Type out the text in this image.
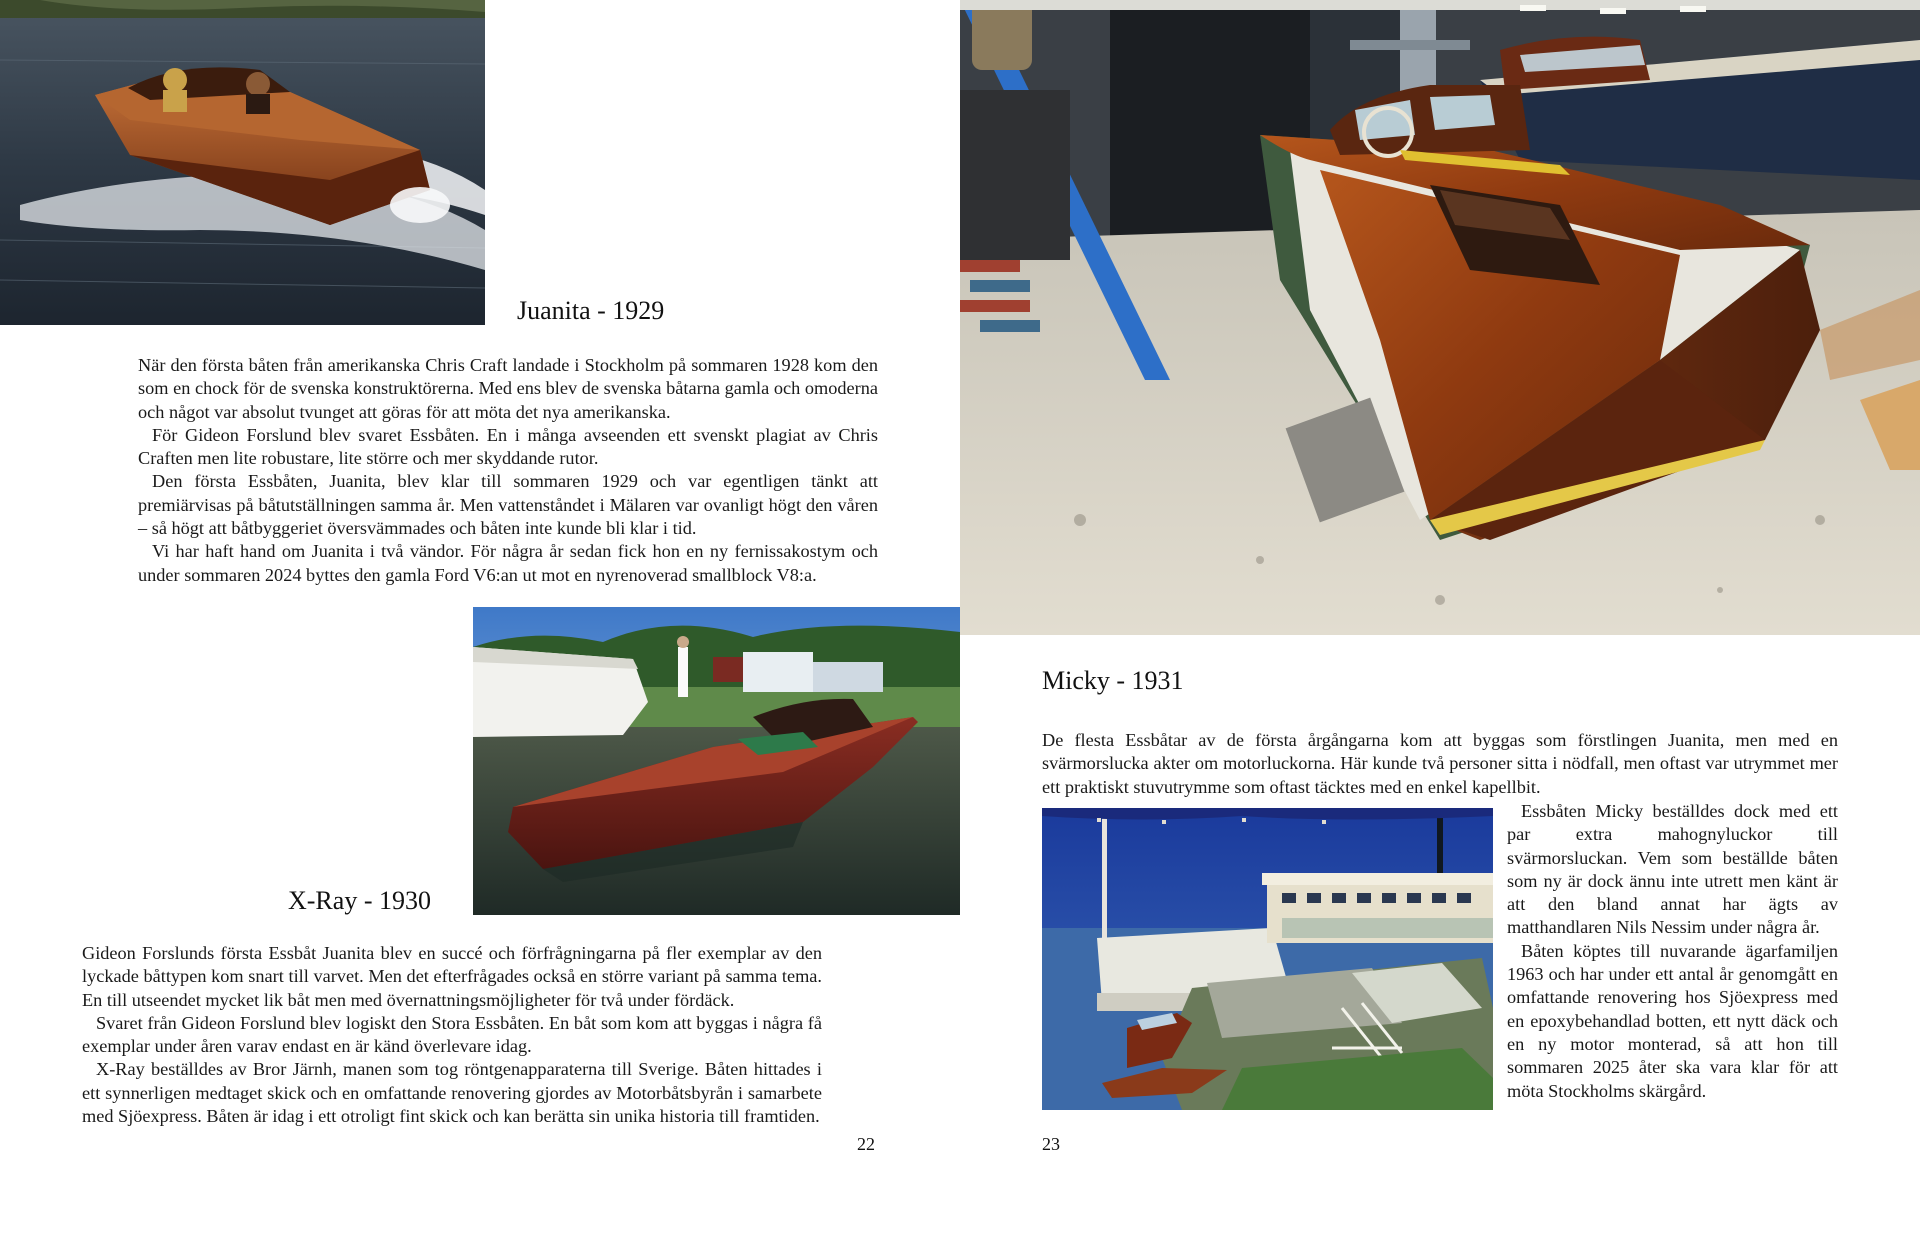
Juanita - 1929

När den första båten från amerikanska Chris Craft landade i Stockholm på sommaren 1928 kom den som en chock för de svenska konstruktörerna. Med ens blev de svenska båtarna gamla och omoderna och något var absolut tvunget att göras för att möta det nya amerikanska.

För Gideon Forslund blev svaret Essbåten. En i många avseenden ett svenskt plagiat av Chris Craften men lite robustare, lite större och mer skyddande rutor.

Den första Essbåten, Juanita, blev klar till sommaren 1929 och var egentligen tänkt att premiärvisas på båtutställningen samma år. Men vattenståndet i Mälaren var ovanligt högt den våren – så högt att båtbyggeriet översvämmades och båten inte kunde bli klar i tid.

Vi har haft hand om Juanita i två vändor. För några år sedan fick hon en ny fernissakostym och under sommaren 2024 byttes den gamla Ford V6:an ut mot en nyrenoverad smallblock V8:a.

X-Ray - 1930

Gideon Forslunds första Essbåt Juanita blev en succé och förfrågningarna på fler exemplar av den lyckade båttypen kom snart till varvet. Men det efterfrågades också en större variant på samma tema. En till utseendet mycket lik båt men med övernattningsmöjligheter för två under fördäck.

Svaret från Gideon Forslund blev logiskt den Stora Essbåten. En båt som kom att byggas i några få exemplar under åren varav endast en är känd överlevare idag.

X-Ray beställdes av Bror Järnh, manen som tog röntgenapparaterna till Sverige. Båten hittades i ett synnerligen medtaget skick och en omfattande renovering gjordes av Motorbåtsbyrån i samarbete med Sjöexpress. Båten är idag i ett otroligt fint skick och kan berätta sin unika historia till framtiden.

22
Micky - 1931

De flesta Essbåtar av de första årgångarna kom att byggas som förstlingen Juanita, men med en svärmorslucka akter om motorluckorna. Här kunde två personer sitta i nödfall, men oftast var utrymmet mer ett praktiskt stuvutrymme som oftast täcktes med en enkel kapellbit.

Essbåten Micky beställdes dock med ett par extra mahognyluckor till svärmorsluckan. Vem som beställde båten som ny är dock ännu inte utrett men känt är att den bland annat har ägts av matthandlaren Nils Nessim under några år.

Båten köptes till nuvarande ägarfamiljen 1963 och har under ett antal år genomgått en omfattande renovering hos Sjöexpress med en epoxybehandlad botten, ett nytt däck och en ny motor monterad, så att hon till sommaren 2025 åter ska vara klar för att möta Stockholms skärgård.

23
